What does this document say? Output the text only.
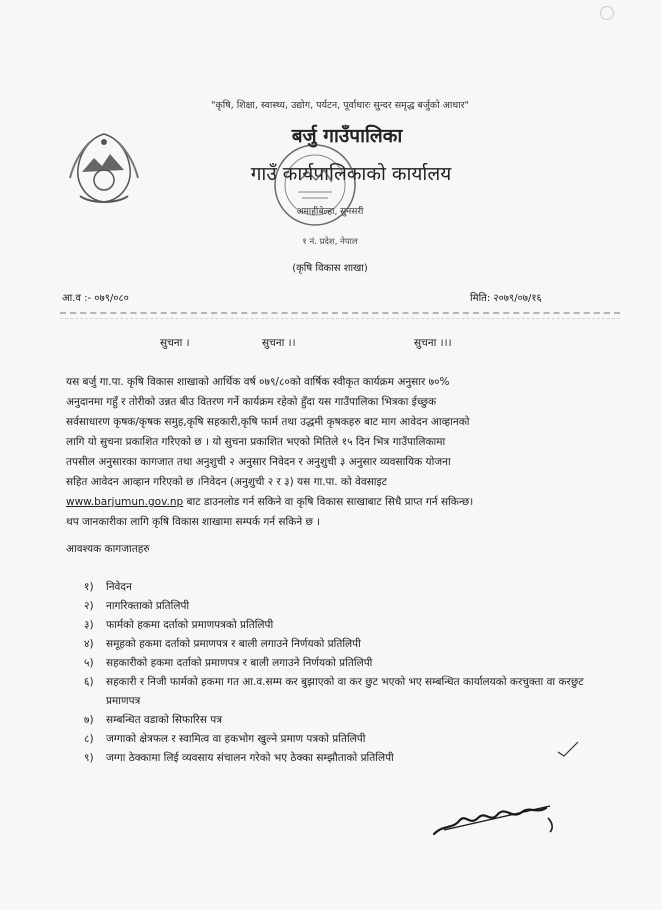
"कृषि, शिक्षा, स्वास्थ्य, उद्योग, पर्यटन, पूर्वाधारः सुन्दर समृद्ध बर्जुको आधार"
बर्जु गाउँपालिका
गाउँ कार्यपालिकाको कार्यालय
अमाहीबेल्हा, सुनसरी
१ नं. प्रदेश, नेपाल
(कृषि विकास शाखा)
आ.व :- ०७९/०८०	मिति: २०७९/०७/१६
सुचना ।	सुचना ।।	सुचना ।।।
यस बर्जु गा.पा. कृषि विकास शाखाको आर्थिक वर्ष ०७९/८०को वार्षिक स्वीकृत कार्यक्रम अनुसार ७०%
अनुदानमा गहुँ र तोरीको उन्नत बीउ वितरण गर्ने कार्यक्रम रहेको हुँदा यस गाउँपालिका भित्रका ईच्छुक
सर्वसाधारण कृषक/कृषक समुह,कृषि सहकारी,कृषि फार्म तथा उद्धमी कृषकहरु बाट माग आवेदन आव्हानको
लागि यो सुचना प्रकाशित गरिएको छ । यो सुचना प्रकाशित भएको मितिले १५ दिन भित्र गाउँपालिकामा
तपसील अनुसारका कागजात तथा अनुशुची २ अनुसार निवेदन र अनुशुची ३ अनुसार व्यवसायिक योजना
सहित आवेदन आव्हान गरिएको छ ।निवेदन (अनुशुची २ र ३) यस गा.पा. को वेवसाइट
www.barjumun.gov.np बाट डाउनलोड गर्न सकिने वा कृषि विकास साखाबाट सिधै प्राप्त गर्न सकिन्छ।
थप जानकारीका लागि कृषि विकास शाखामा सम्पर्क गर्न सकिने छ ।
आवश्यक कागजातहरु
१)	निवेदन
२)	नागरिक्ताको प्रतिलिपी
३)	फार्मको हकमा दर्ताको प्रमाणपत्रको प्रतिलिपी
४)	समूहको हकमा दर्ताको प्रमाणपत्र र बाली लगाउने निर्णयको प्रतिलिपी
५)	सहकारीको हकमा दर्ताको प्रमाणपत्र र बाली लगाउने निर्णयको प्रतिलिपी
६)	सहकारी र निजी फार्मको हकमा गत आ.व.सम्म कर बुझाएको वा कर छुट भएको भए सम्बन्धित कार्यालयको करचुक्ता वा करछुट प्रमाणपत्र
७)	सम्बन्धित वडाको सिफारिस पत्र
८)	जग्गाको क्षेत्रफल र स्वामित्व वा हकभोग खुल्ने प्रमाण पत्रको प्रतिलिपी
९)	जग्गा ठेक्कामा लिई व्यवसाय संचालन गरेको भए ठेक्का सम्झौताको प्रतिलिपी
